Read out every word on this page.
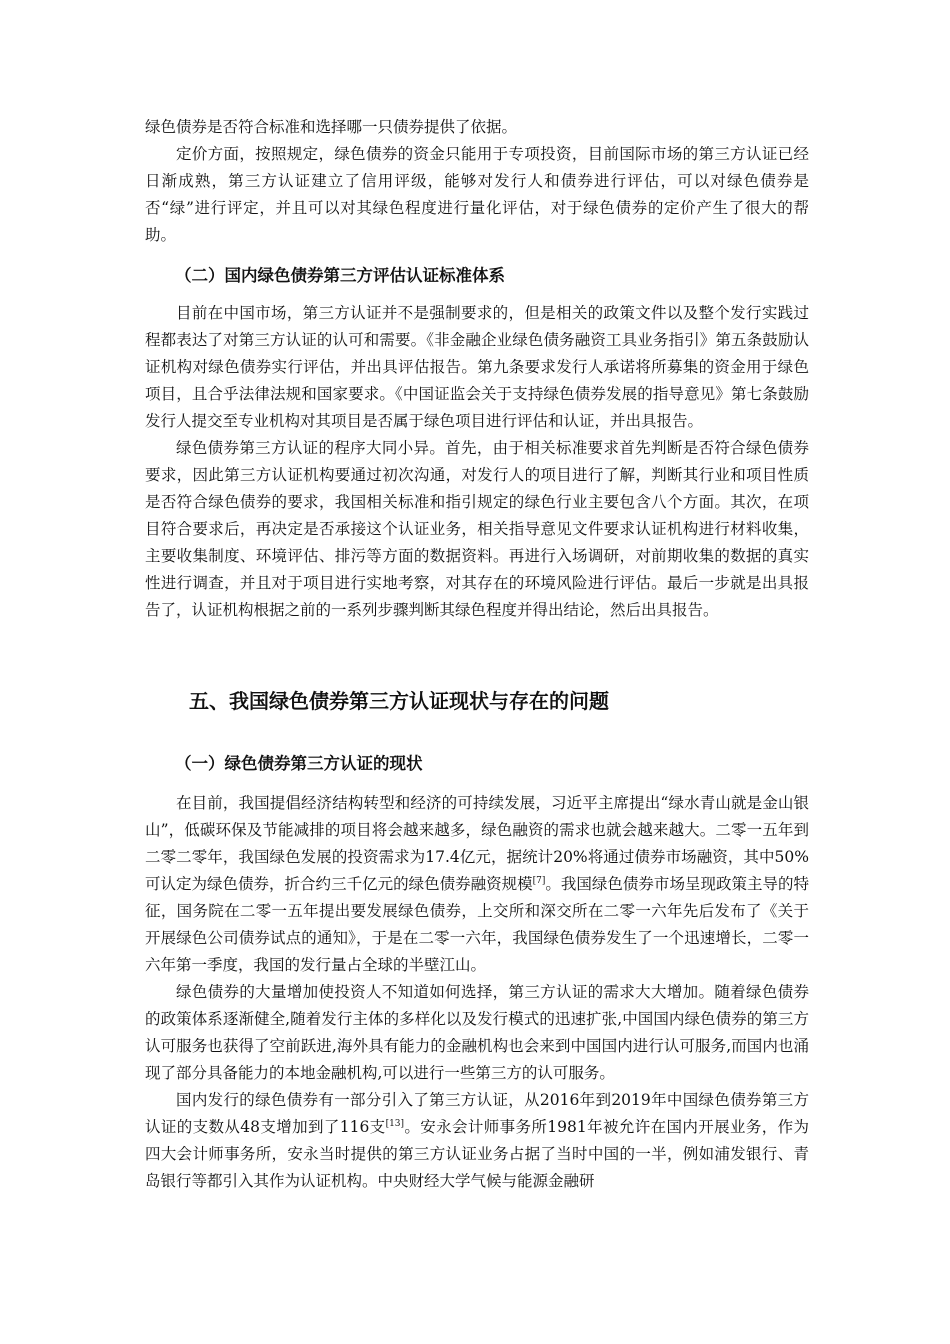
绿色债券是否符合标准和选择哪一只债券提供了依据。

定价方面，按照规定，绿色债券的资金只能用于专项投资，目前国际市场的第三方认证已经日渐成熟，第三方认证建立了信用评级，能够对发行人和债券进行评估，可以对绿色债券是否“绿”进行评定，并且可以对其绿色程度进行量化评估，对于绿色债券的定价产生了很大的帮助。

（二）国内绿色债券第三方评估认证标准体系

目前在中国市场，第三方认证并不是强制要求的，但是相关的政策文件以及整个发行实践过程都表达了对第三方认证的认可和需要。《非金融企业绿色债务融资工具业务指引》第五条鼓励认证机构对绿色债券实行评估，并出具评估报告。第九条要求发行人承诺将所募集的资金用于绿色项目，且合乎法律法规和国家要求。《中国证监会关于支持绿色债券发展的指导意见》第七条鼓励发行人提交至专业机构对其项目是否属于绿色项目进行评估和认证，并出具报告。

绿色债券第三方认证的程序大同小异。首先，由于相关标准要求首先判断是否符合绿色债券要求，因此第三方认证机构要通过初次沟通，对发行人的项目进行了解，判断其行业和项目性质是否符合绿色债券的要求，我国相关标准和指引规定的绿色行业主要包含八个方面。其次，在项目符合要求后，再决定是否承接这个认证业务，相关指导意见文件要求认证机构进行材料收集，主要收集制度、环境评估、排污等方面的数据资料。再进行入场调研，对前期收集的数据的真实性进行调查，并且对于项目进行实地考察，对其存在的环境风险进行评估。最后一步就是出具报告了，认证机构根据之前的一系列步骤判断其绿色程度并得出结论，然后出具报告。

五、我国绿色债券第三方认证现状与存在的问题

（一）绿色债券第三方认证的现状

在目前，我国提倡经济结构转型和经济的可持续发展，习近平主席提出“绿水青山就是金山银山”，低碳环保及节能减排的项目将会越来越多，绿色融资的需求也就会越来越大。二零一五年到二零二零年，我国绿色发展的投资需求为17.4亿元，据统计20%将通过债券市场融资，其中50%可认定为绿色债券，折合约三千亿元的绿色债券融资规模[7]。我国绿色债券市场呈现政策主导的特征，国务院在二零一五年提出要发展绿色债券，上交所和深交所在二零一六年先后发布了《关于开展绿色公司债券试点的通知》，于是在二零一六年，我国绿色债券发生了一个迅速增长，二零一六年第一季度，我国的发行量占全球的半壁江山。

绿色债券的大量增加使投资人不知道如何选择，第三方认证的需求大大增加。随着绿色债券的政策体系逐渐健全,随着发行主体的多样化以及发行模式的迅速扩张,中国国内绿色债券的第三方认可服务也获得了空前跃进,海外具有能力的金融机构也会来到中国国内进行认可服务,而国内也涌现了部分具备能力的本地金融机构,可以进行一些第三方的认可服务。

国内发行的绿色债券有一部分引入了第三方认证，从2016年到2019年中国绿色债券第三方认证的支数从48支增加到了116支[13]。安永会计师事务所1981年被允许在国内开展业务，作为四大会计师事务所，安永当时提供的第三方认证业务占据了当时中国的一半，例如浦发银行、青岛银行等都引入其作为认证机构。中央财经大学气候与能源金融研
